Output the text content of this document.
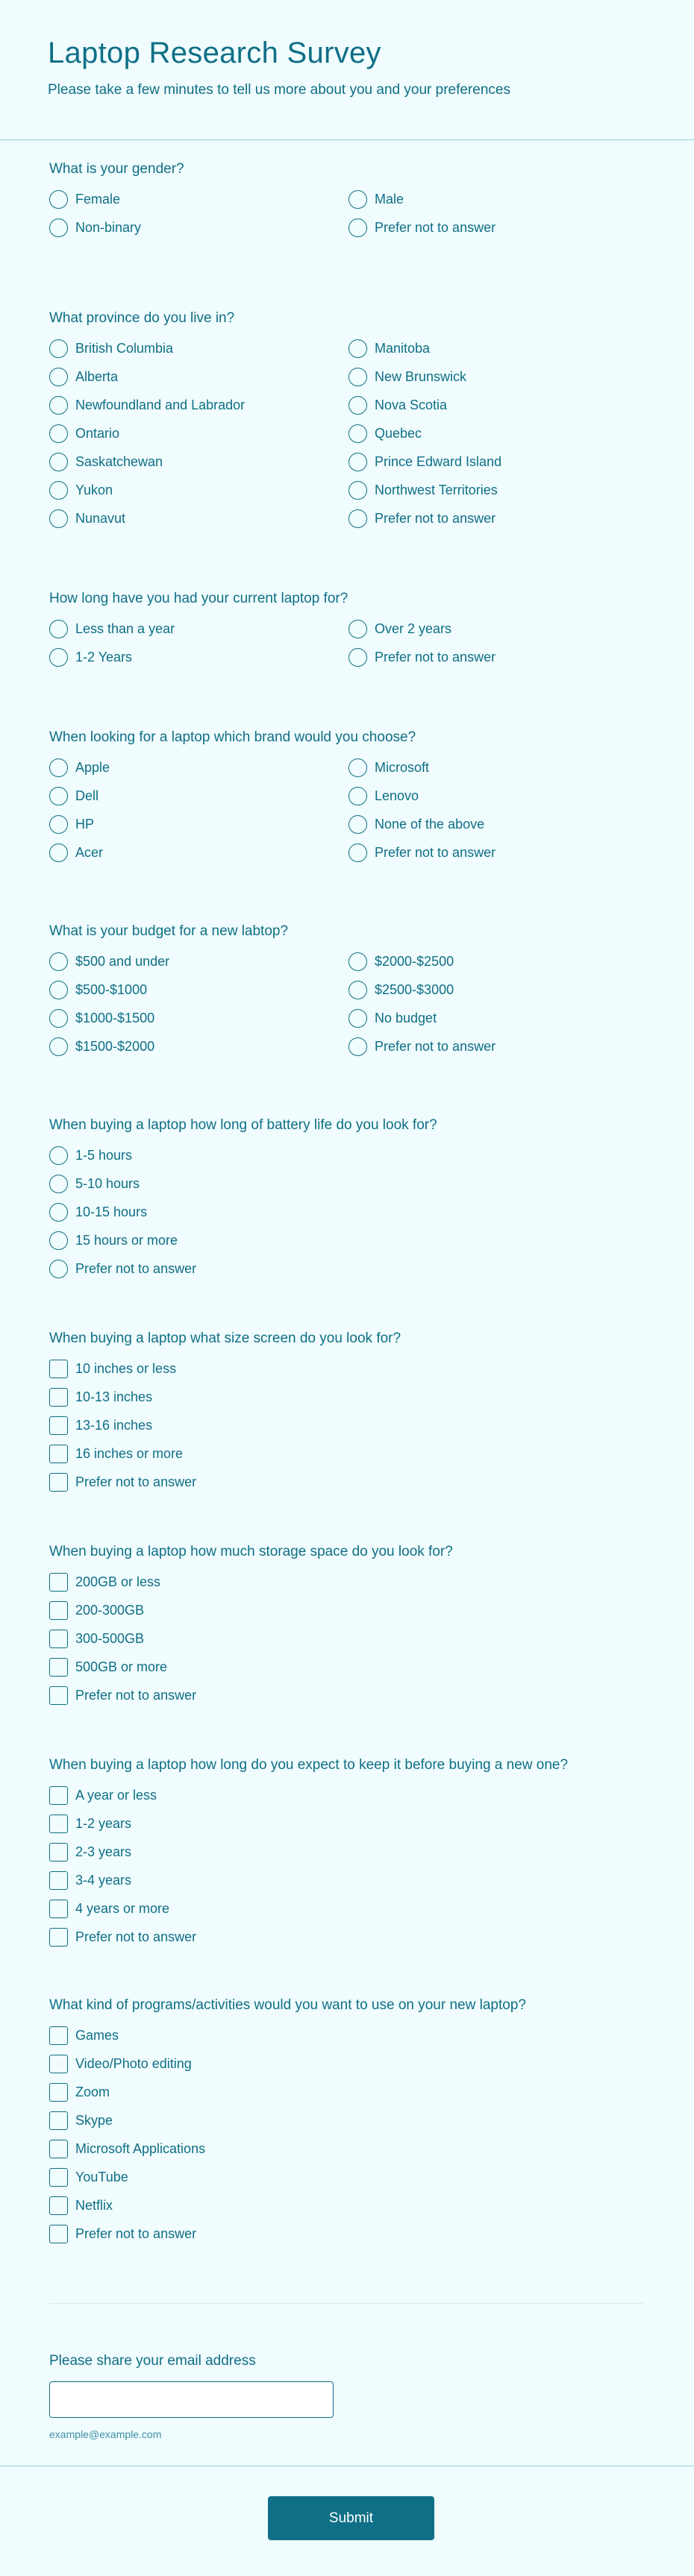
Laptop Research Survey
Please take a few minutes to tell us more about you and your preferences
What is your gender?
Female	Male
Non-binary	Prefer not to answer
What province do you live in?
British Columbia	Manitoba
Alberta	New Brunswick
Newfoundland and Labrador	Nova Scotia
Ontario	Quebec
Saskatchewan	Prince Edward Island
Yukon	Northwest Territories
Nunavut	Prefer not to answer
How long have you had your current laptop for?
Less than a year	Over 2 years
1-2 Years	Prefer not to answer
When looking for a laptop which brand would you choose?
Apple	Microsoft
Dell	Lenovo
HP	None of the above
Acer	Prefer not to answer
What is your budget for a new labtop?
$500 and under	$2000-$2500
$500-$1000	$2500-$3000
$1000-$1500	No budget
$1500-$2000	Prefer not to answer
When buying a laptop how long of battery life do you look for?
1-5 hours
5-10 hours
10-15 hours
15 hours or more
Prefer not to answer
When buying a laptop what size screen do you look for?
10 inches or less
10-13 inches
13-16 inches
16 inches or more
Prefer not to answer
When buying a laptop how much storage space do you look for?
200GB or less
200-300GB
300-500GB
500GB or more
Prefer not to answer
When buying a laptop how long do you expect to keep it before buying a new one?
A year or less
1-2 years
2-3 years
3-4 years
4 years or more
Prefer not to answer
What kind of programs/activities would you want to use on your new laptop?
Games
Video/Photo editing
Zoom
Skype
Microsoft Applications
YouTube
Netflix
Prefer not to answer
Please share your email address
example@example.com
Submit
